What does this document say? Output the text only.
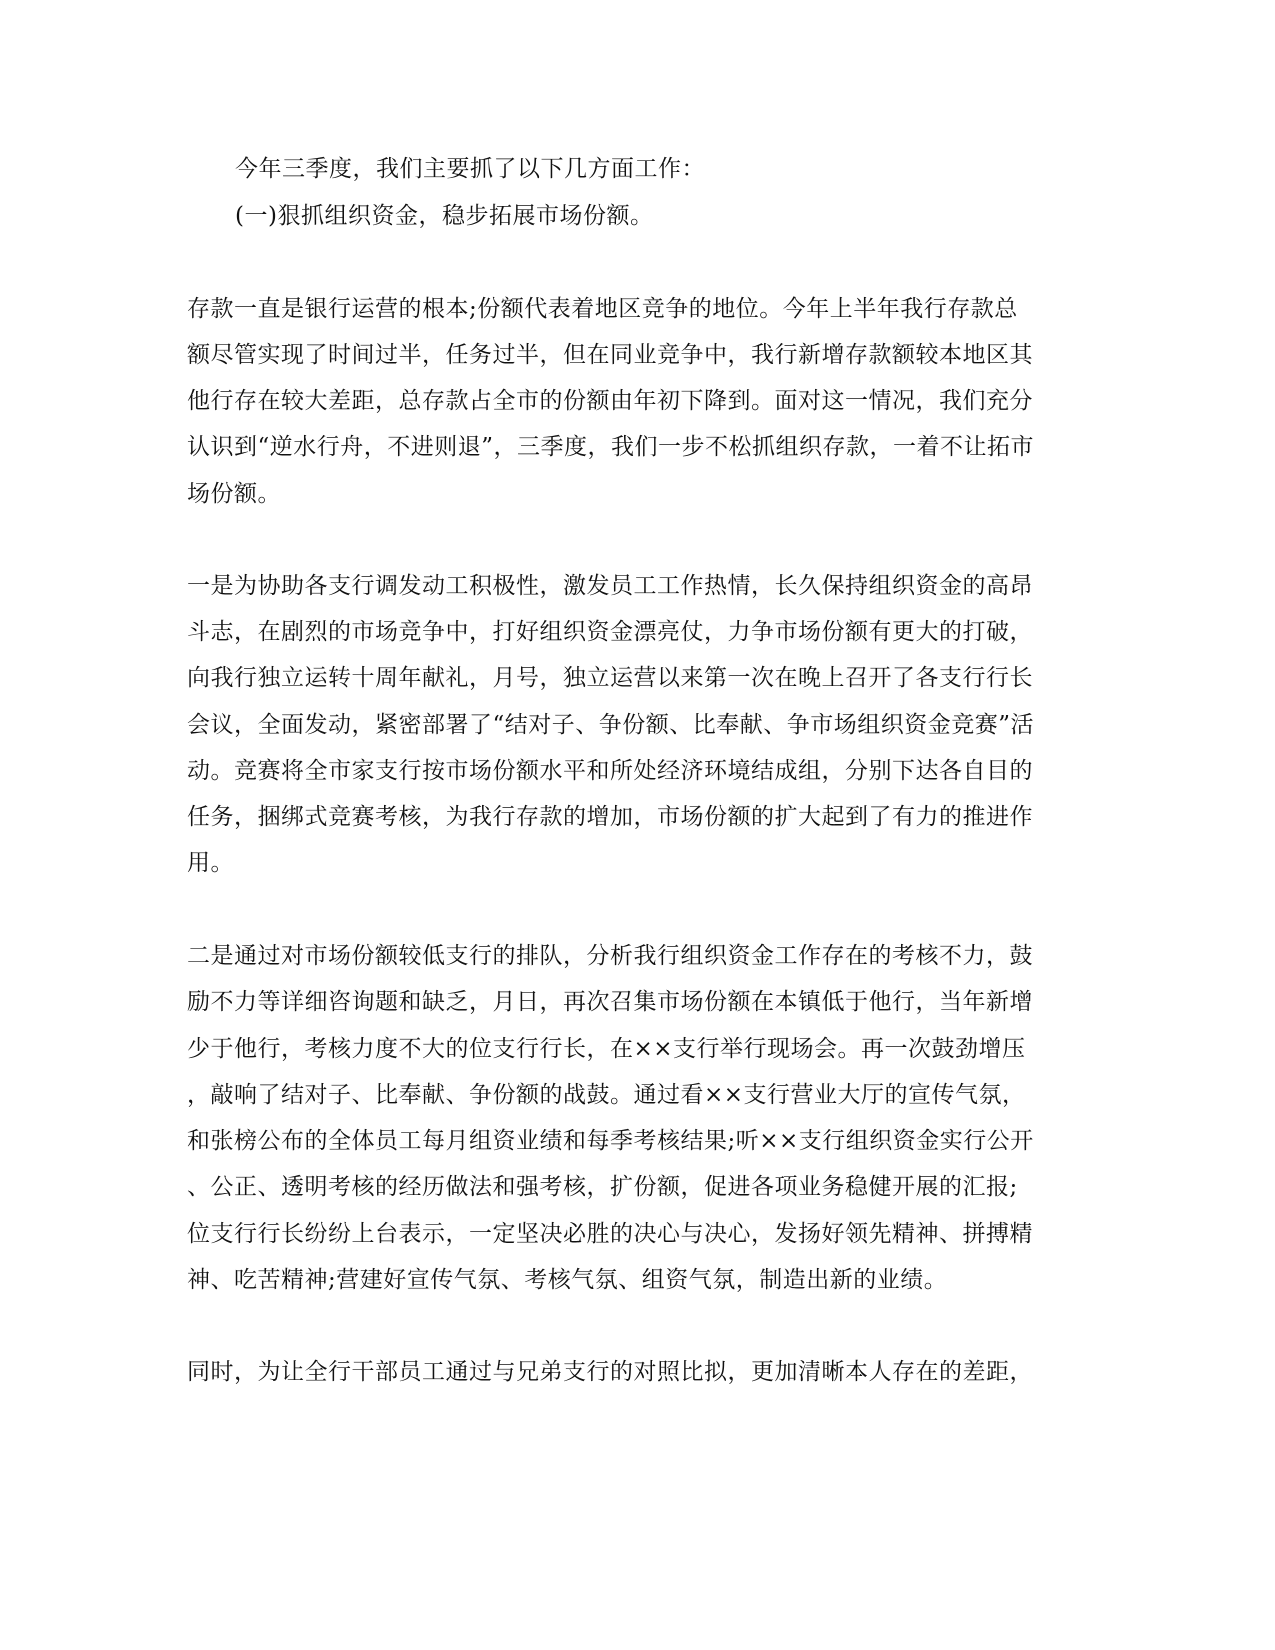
今年三季度，我们主要抓了以下几方面工作：
(一)狠抓组织资金，稳步拓展市场份额。
存款一直是银行运营的根本;份额代表着地区竞争的地位。今年上半年我行存款总
额尽管实现了时间过半，任务过半，但在同业竞争中，我行新增存款额较本地区其
他行存在较大差距，总存款占全市的份额由年初下降到。面对这一情况，我们充分
认识到“逆水行舟，不进则退”，三季度，我们一步不松抓组织存款，一着不让拓市
场份额。
一是为协助各支行调发动工积极性，激发员工工作热情，长久保持组织资金的高昂
斗志，在剧烈的市场竞争中，打好组织资金漂亮仗，力争市场份额有更大的打破，
向我行独立运转十周年献礼，月号，独立运营以来第一次在晚上召开了各支行行长
会议，全面发动，紧密部署了“结对子、争份额、比奉献、争市场组织资金竞赛”活
动。竞赛将全市家支行按市场份额水平和所处经济环境结成组，分别下达各自目的
任务，捆绑式竞赛考核，为我行存款的增加，市场份额的扩大起到了有力的推进作
用。
二是通过对市场份额较低支行的排队，分析我行组织资金工作存在的考核不力，鼓
励不力等详细咨询题和缺乏，月日，再次召集市场份额在本镇低于他行，当年新增
少于他行，考核力度不大的位支行行长，在××支行举行现场会。再一次鼓劲增压
，敲响了结对子、比奉献、争份额的战鼓。通过看××支行营业大厅的宣传气氛，
和张榜公布的全体员工每月组资业绩和每季考核结果;听××支行组织资金实行公开
、公正、透明考核的经历做法和强考核，扩份额，促进各项业务稳健开展的汇报;
位支行行长纷纷上台表示，一定坚决必胜的决心与决心，发扬好领先精神、拼搏精
神、吃苦精神;营建好宣传气氛、考核气氛、组资气氛，制造出新的业绩。
同时，为让全行干部员工通过与兄弟支行的对照比拟，更加清晰本人存在的差距，
